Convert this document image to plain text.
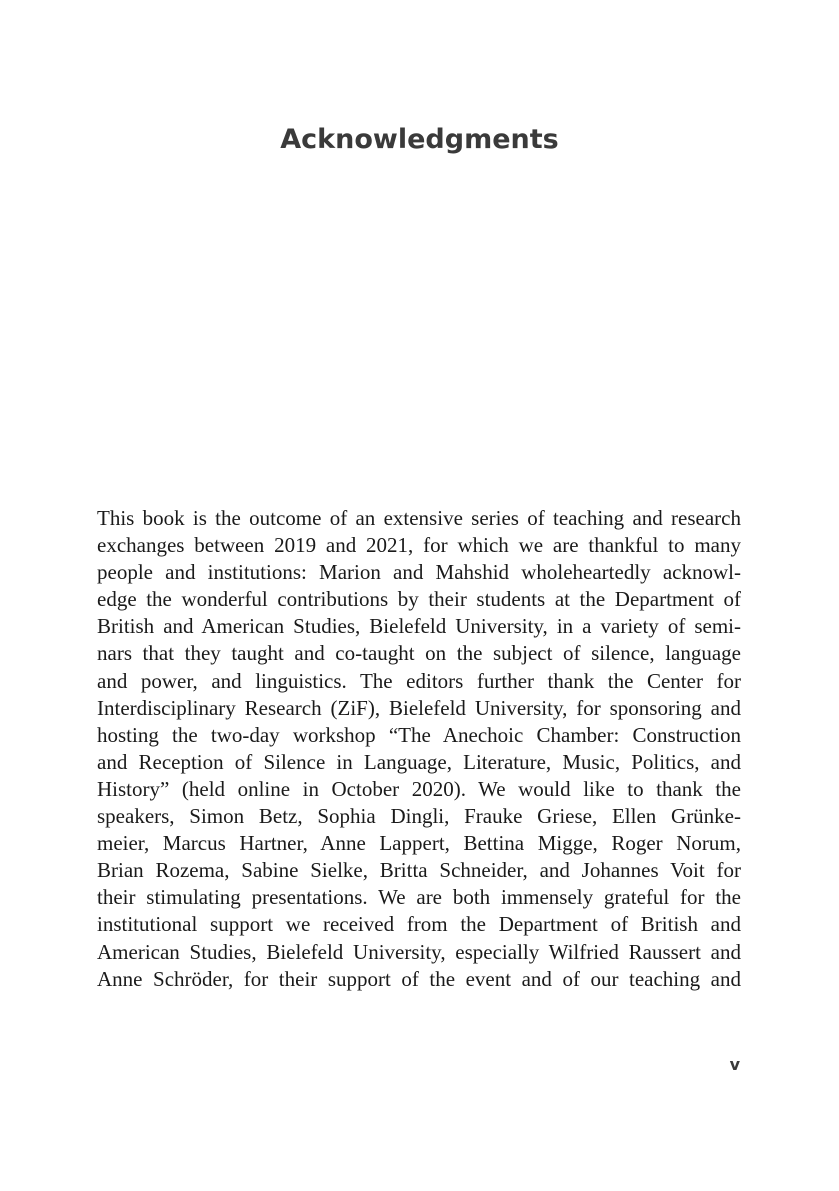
Acknowledgments
This book is the outcome of an extensive series of teaching and research
exchanges between 2019 and 2021, for which we are thankful to many
people and institutions: Marion and Mahshid wholeheartedly acknowl-
edge the wonderful contributions by their students at the Department of
British and American Studies, Bielefeld University, in a variety of semi-
nars that they taught and co-taught on the subject of silence, language
and power, and linguistics. The editors further thank the Center for
Interdisciplinary Research (ZiF), Bielefeld University, for sponsoring and
hosting the two-day workshop “The Anechoic Chamber: Construction
and Reception of Silence in Language, Literature, Music, Politics, and
History” (held online in October 2020). We would like to thank the
speakers, Simon Betz, Sophia Dingli, Frauke Griese, Ellen Grünke-
meier, Marcus Hartner, Anne Lappert, Bettina Migge, Roger Norum,
Brian Rozema, Sabine Sielke, Britta Schneider, and Johannes Voit for
their stimulating presentations. We are both immensely grateful for the
institutional support we received from the Department of British and
American Studies, Bielefeld University, especially Wilfried Raussert and
Anne Schröder, for their support of the event and of our teaching and
v
